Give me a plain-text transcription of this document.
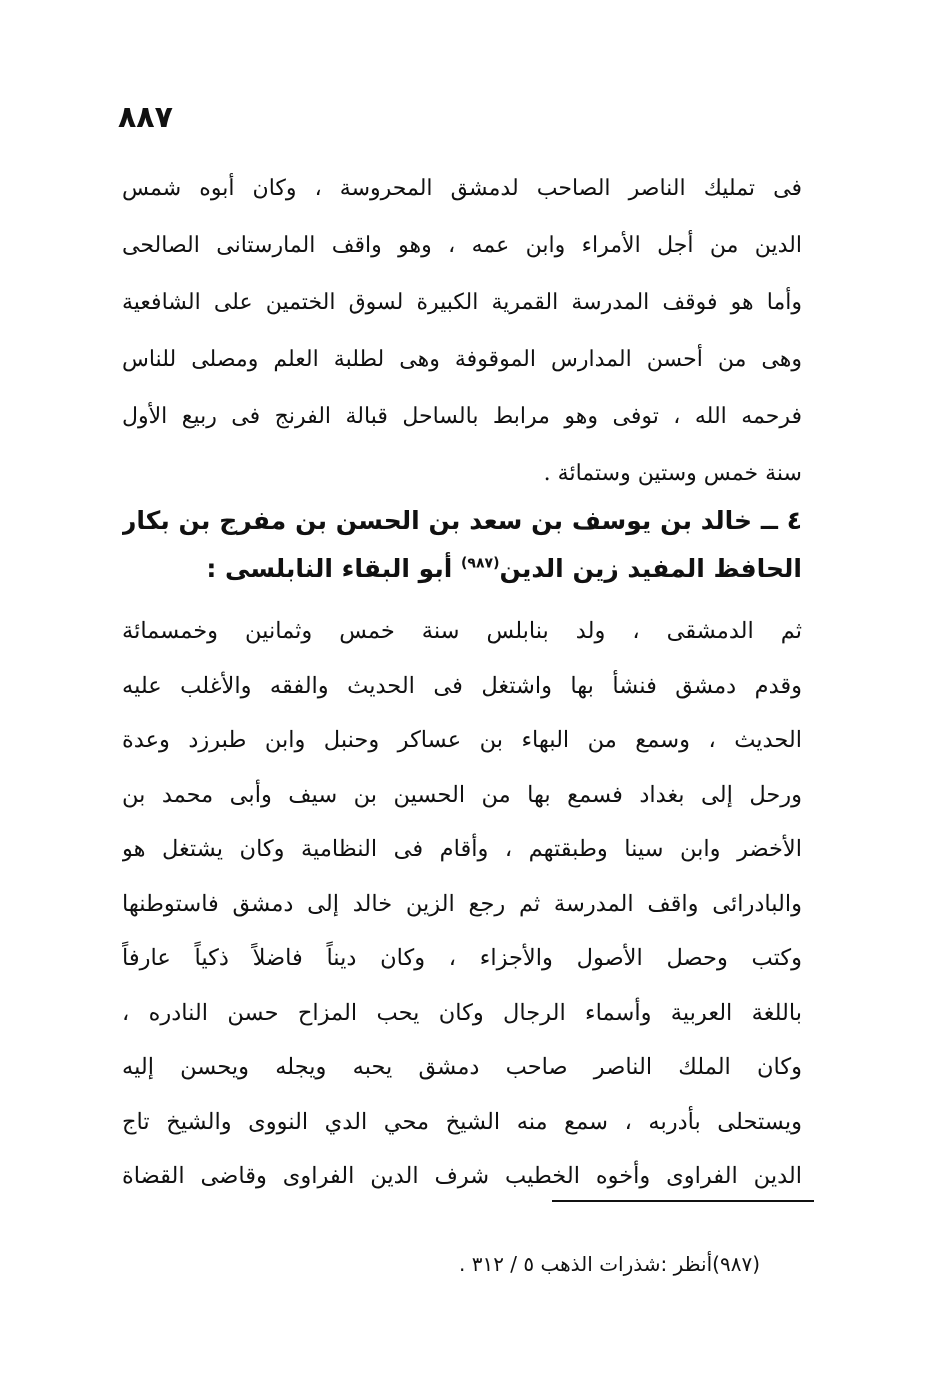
٨٨٧
فى تمليك الناصر الصاحب لدمشق المحروسة ، وكان أبوه شمس
الدين من أجل الأمراء وابن عمه ، وهو واقف المارستانى الصالحى
وأما هو فوقف المدرسة القمرية الكبيرة لسوق الختمين على الشافعية
وهى من أحسن المدارس الموقوفة وهى لطلبة العلم ومصلى للناس
فرحمه الله ، توفى وهو مرابط بالساحل قبالة الفرنج فى ربيع الأول
سنة خمس وستين وستمائة .
٤ ــ خالد بن يوسف بن سعد بن الحسن بن مفرج بن بكار
الحافظ المفيد زين الدين$^{(٩٨٧)}$ أبو البقاء النابلسى :
ثم الدمشقى ، ولد بنابلس سنة خمس وثمانين وخمسمائة
وقدم دمشق فنشأ بها واشتغل فى الحديث والفقه والأغلب عليه
الحديث ، وسمع من البهاء بن عساكر وحنبل وابن طبرزد وعدة
ورحل إلى بغداد فسمع بها من الحسين بن سيف وأبى محمد بن
الأخضر وابن سينا وطبقتهم ، وأقام فى النظامية وكان يشتغل هو
والبادرائى واقف المدرسة ثم رجع الزين خالد إلى دمشق فاستوطنها
وكتب وحصل الأصول والأجزاء ، وكان ديناً فاضلاً ذكياً عارفاً
باللغة العربية وأسماء الرجال وكان يحب المزاح حسن النادره ،
وكان الملك الناصر صاحب دمشق يحبه ويجله ويحسن إليه
ويستحلى بأدربه ، سمع منه الشيخ محي الدي النووى والشيخ تاج
الدين الفراوى وأخوه الخطيب شرف الدين الفراوى وقاضى القضاة
(٩٨٧)أنظر :شذرات الذهب ٥ / ٣١٢ .
